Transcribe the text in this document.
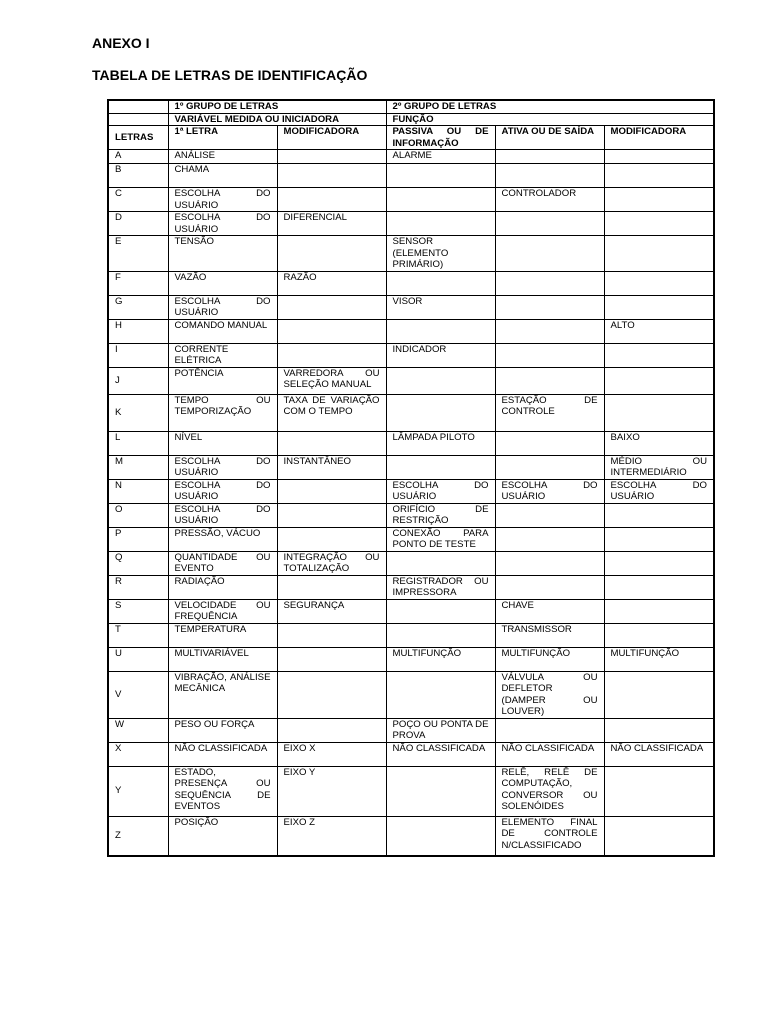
ANEXO I
TABELA DE LETRAS DE IDENTIFICAÇÃO
	1º GRUPO DE LETRAS		2º GRUPO DE LETRAS		
	VARIÁVEL MEDIDA OU INICIADORA		FUNÇÃO		
LETRAS	1ª LETRA	MODIFICADORA	PASSIVA OU DE INFORMAÇÃO	ATIVA OU DE SAÍDA	MODIFICADORA
A	ANÁLISE		ALARME		
B	CHAMA				
C	ESCOLHA DO USUÁRIO			CONTROLADOR	
D	ESCOLHA DO USUÁRIO	DIFERENCIAL			
E	TENSÃO		SENSOR (ELEMENTO PRIMÁRIO)		
F	VAZÃO	RAZÃO			
G	ESCOLHA DO USUÁRIO		VISOR		
H	COMANDO MANUAL				ALTO
I	CORRENTE ELÉTRICA		INDICADOR		
J	POTÊNCIA	VARREDORA OU SELEÇÃO MANUAL			
K	TEMPO OU TEMPORIZAÇÃO	TAXA DE VARIAÇÃO COM O TEMPO		ESTAÇÃO DE CONTROLE	
L	NÍVEL		LÂMPADA PILOTO		BAIXO
M	ESCOLHA DO USUÁRIO	INSTANTÂNEO			MÉDIO OU INTERMEDIÁRIO
N	ESCOLHA DO USUÁRIO		ESCOLHA DO USUÁRIO	ESCOLHA DO USUÁRIO	ESCOLHA DO USUÁRIO
O	ESCOLHA DO USUÁRIO		ORIFÍCIO DE RESTRIÇÃO		
P	PRESSÃO, VÁCUO		CONEXÃO PARA PONTO DE TESTE		
Q	QUANTIDADE OU EVENTO	INTEGRAÇÃO OU TOTALIZAÇÃO			
R	RADIAÇÃO		REGISTRADOR OU IMPRESSORA		
S	VELOCIDADE OU FREQUÊNCIA	SEGURANÇA		CHAVE	
T	TEMPERATURA			TRANSMISSOR	
U	MULTIVARIÁVEL		MULTIFUNÇÃO	MULTIFUNÇÃO	MULTIFUNÇÃO
V	VIBRAÇÃO, ANÁLISE MECÂNICA			VÁLVULA OU DEFLETOR (DAMPER OU LOUVER)	
W	PESO OU FORÇA		POÇO OU PONTA DE PROVA		
X	NÃO CLASSIFICADA	EIXO X	NÃO CLASSIFICADA	NÃO CLASSIFICADA	NÃO CLASSIFICADA
Y	ESTADO, PRESENÇA OU SEQUÊNCIA DE EVENTOS	EIXO Y		RELÊ, RELÊ DE COMPUTAÇÃO, CONVERSOR OU SOLENÓIDES	
Z	POSIÇÃO	EIXO Z		ELEMENTO FINAL DE CONTROLE N/CLASSIFICADO	
